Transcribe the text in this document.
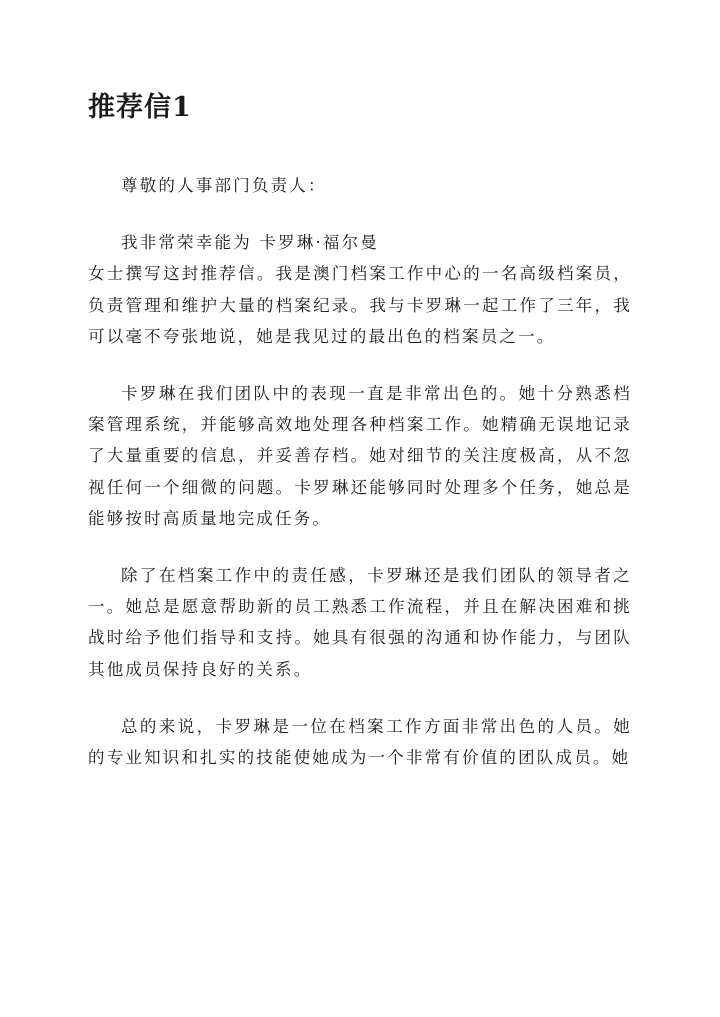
推荐信1

尊敬的人事部门负责人：

我非常荣幸能为 卡罗琳·福尔曼

女士撰写这封推荐信。我是澳门档案工作中心的一名高级档案员，负责管理和维护大量的档案纪录。我与卡罗琳一起工作了三年，我可以毫不夸张地说，她是我见过的最出色的档案员之一。

卡罗琳在我们团队中的表现一直是非常出色的。她十分熟悉档案管理系统，并能够高效地处理各种档案工作。她精确无误地记录了大量重要的信息，并妥善存档。她对细节的关注度极高，从不忽视任何一个细微的问题。卡罗琳还能够同时处理多个任务，她总是能够按时高质量地完成任务。

除了在档案工作中的责任感，卡罗琳还是我们团队的领导者之一。她总是愿意帮助新的员工熟悉工作流程，并且在解决困难和挑战时给予他们指导和支持。她具有很强的沟通和协作能力，与团队其他成员保持良好的关系。

总的来说，卡罗琳是一位在档案工作方面非常出色的人员。她的专业知识和扎实的技能使她成为一个非常有价值的团队成员。她
